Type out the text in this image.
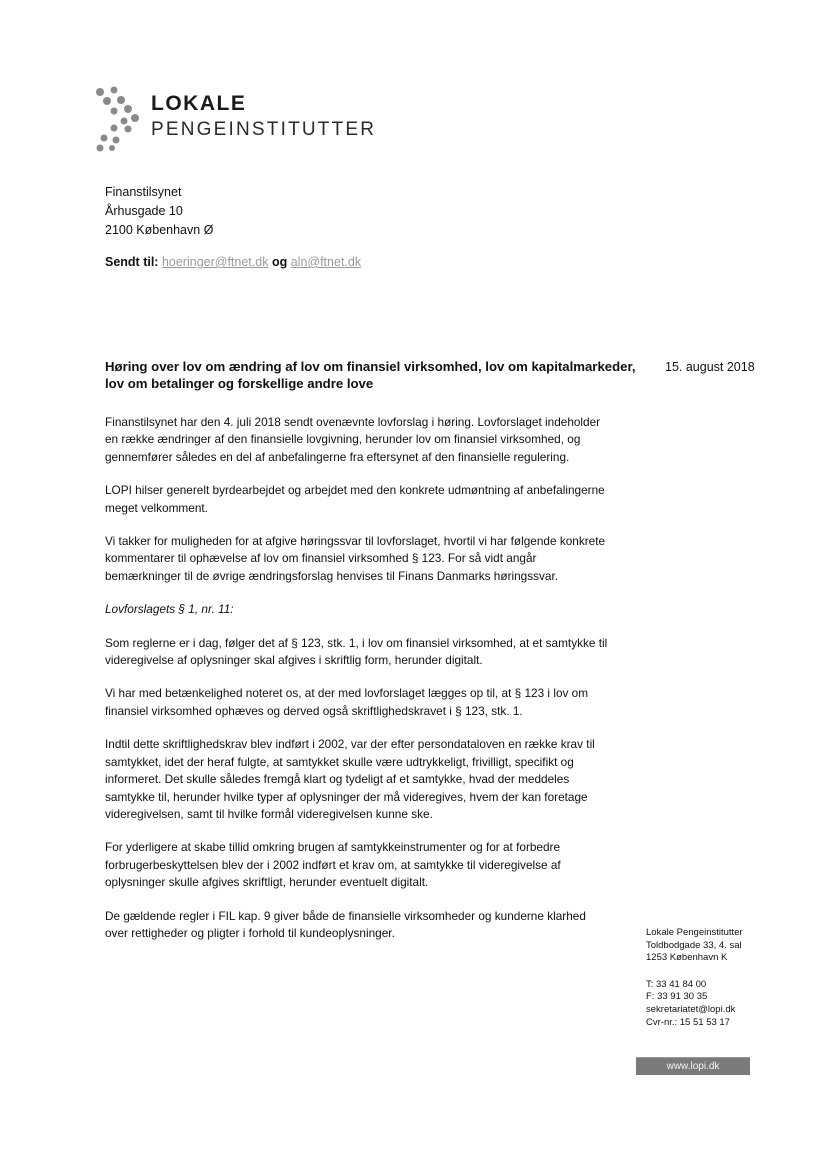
LOKALE
PENGEINSTITUTTER
Finanstilsynet
Århusgade 10
2100 København Ø
Sendt til: hoeringer@ftnet.dk og aln@ftnet.dk
Høring over lov om ændring af lov om finansiel virksomhed, lov om kapitalmarkeder, lov om betalinger og forskellige andre love
15. august 2018

Finanstilsynet har den 4. juli 2018 sendt ovenævnte lovforslag i høring. Lovforslaget indeholder en række ændringer af den finansielle lovgivning, herunder lov om finansiel virksomhed, og gennemfører således en del af anbefalingerne fra eftersynet af den finansielle regulering.

LOPI hilser generelt byrdearbejdet og arbejdet med den konkrete udmøntning af anbefalingerne meget velkomment.

Vi takker for muligheden for at afgive høringssvar til lovforslaget, hvortil vi har følgende konkrete kommentarer til ophævelse af lov om finansiel virksomhed § 123. For så vidt angår bemærkninger til de øvrige ændringsforslag henvises til Finans Danmarks høringssvar.

Lovforslagets § 1, nr. 11:

Som reglerne er i dag, følger det af § 123, stk. 1, i lov om finansiel virksomhed, at et samtykke til videregivelse af oplysninger skal afgives i skriftlig form, herunder digitalt.

Vi har med betænkelighed noteret os, at der med lovforslaget lægges op til, at § 123 i lov om finansiel virksomhed ophæves og derved også skriftlighedskravet i § 123, stk. 1.

Indtil dette skriftlighedskrav blev indført i 2002, var der efter persondataloven en række krav til samtykket, idet der heraf fulgte, at samtykket skulle være udtrykkeligt, frivilligt, specifikt og informeret. Det skulle således fremgå klart og tydeligt af et samtykke, hvad der meddeles samtykke til, herunder hvilke typer af oplysninger der må videregives, hvem der kan foretage videregivelsen, samt til hvilke formål videregivelsen kunne ske.

For yderligere at skabe tillid omkring brugen af samtykkeinstrumenter og for at forbedre forbrugerbeskyttelsen blev der i 2002 indført et krav om, at samtykke til videregivelse af oplysninger skulle afgives skriftligt, herunder eventuelt digitalt.

De gældende regler i FIL kap. 9 giver både de finansielle virksomheder og kunderne klarhed over rettigheder og pligter i forhold til kundeoplysninger.	Lokale Pengeinstitutter
Toldbodgade 33, 4. sal
1253 København K
T: 33 41 84 00
F: 33 91 30 35
sekretariatet@lopi.dk
Cvr-nr.: 15 51 53 17
www.lopi.dk
